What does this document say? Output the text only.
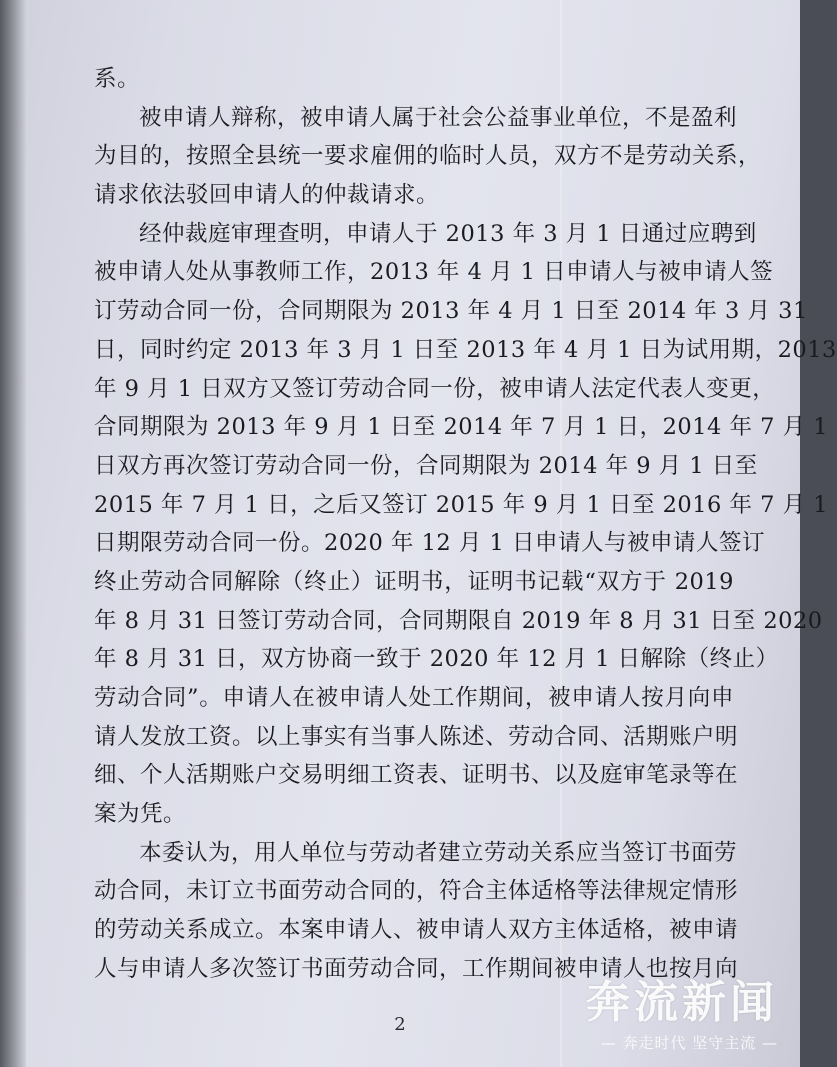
系。
被申请人辩称，被申请人属于社会公益事业单位，不是盈利
为目的，按照全县统一要求雇佣的临时人员，双方不是劳动关系，
请求依法驳回申请人的仲裁请求。
经仲裁庭审理查明，申请人于 2013 年 3 月 1 日通过应聘到
被申请人处从事教师工作，2013 年 4 月 1 日申请人与被申请人签
订劳动合同一份，合同期限为 2013 年 4 月 1 日至 2014 年 3 月 31
日，同时约定 2013 年 3 月 1 日至 2013 年 4 月 1 日为试用期，2013
年 9 月 1 日双方又签订劳动合同一份，被申请人法定代表人变更，
合同期限为 2013 年 9 月 1 日至 2014 年 7 月 1 日，2014 年 7 月 1
日双方再次签订劳动合同一份，合同期限为 2014 年 9 月 1 日至
2015 年 7 月 1 日，之后又签订 2015 年 9 月 1 日至 2016 年 7 月 1
日期限劳动合同一份。2020 年 12 月 1 日申请人与被申请人签订
终止劳动合同解除（终止）证明书，证明书记载“双方于 2019
年 8 月 31 日签订劳动合同，合同期限自 2019 年 8 月 31 日至 2020
年 8 月 31 日，双方协商一致于 2020 年 12 月 1 日解除（终止）
劳动合同”。申请人在被申请人处工作期间，被申请人按月向申
请人发放工资。以上事实有当事人陈述、劳动合同、活期账户明
细、个人活期账户交易明细工资表、证明书、以及庭审笔录等在
案为凭。
本委认为，用人单位与劳动者建立劳动关系应当签订书面劳
动合同，未订立书面劳动合同的，符合主体适格等法律规定情形
的劳动关系成立。本案申请人、被申请人双方主体适格，被申请
人与申请人多次签订书面劳动合同，工作期间被申请人也按月向
2	奔流新闻
— 奔走时代 坚守主流 —
